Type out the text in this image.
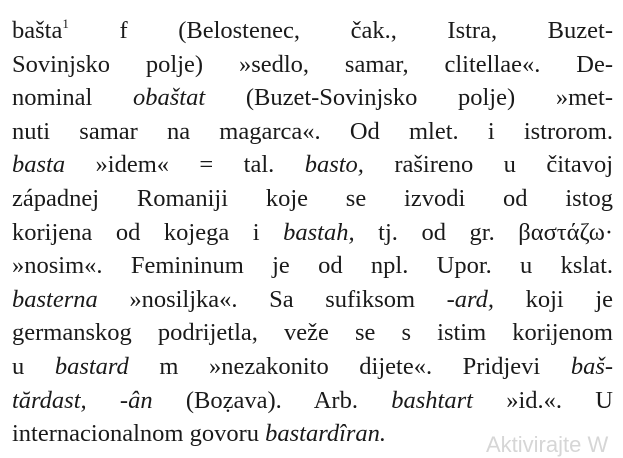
bašta$^1$ f (Belostenec, čak., Istra, Buzet-
Sovinjsko polje) »sedlo, samar, clitellae«. De-
nominal obaštat (Buzet-Sovinjsko polje) »met-
nuti samar na magarca«. Od mlet. i istrorom.
basta »idem« = tal. basto, rašireno u čitavoj
západnej Romaniji koje se izvodi od istog
korijena od kojega i bastah, tj. od gr. βαστάζω·
»nosim«. Femininum je od npl. Upor. u kslat.
basterna »nosiljka«. Sa sufiksom -ard, koji je
germanskog podrijetla, veže se s istim korijenom
u bastard m »nezakonito dijete«. Pridjevi baš-
tărdast, -ân (Boẓava). Arb. bashtart »id.«. U
internacionalnom govoru bastardîran.	Aktivirajte W
